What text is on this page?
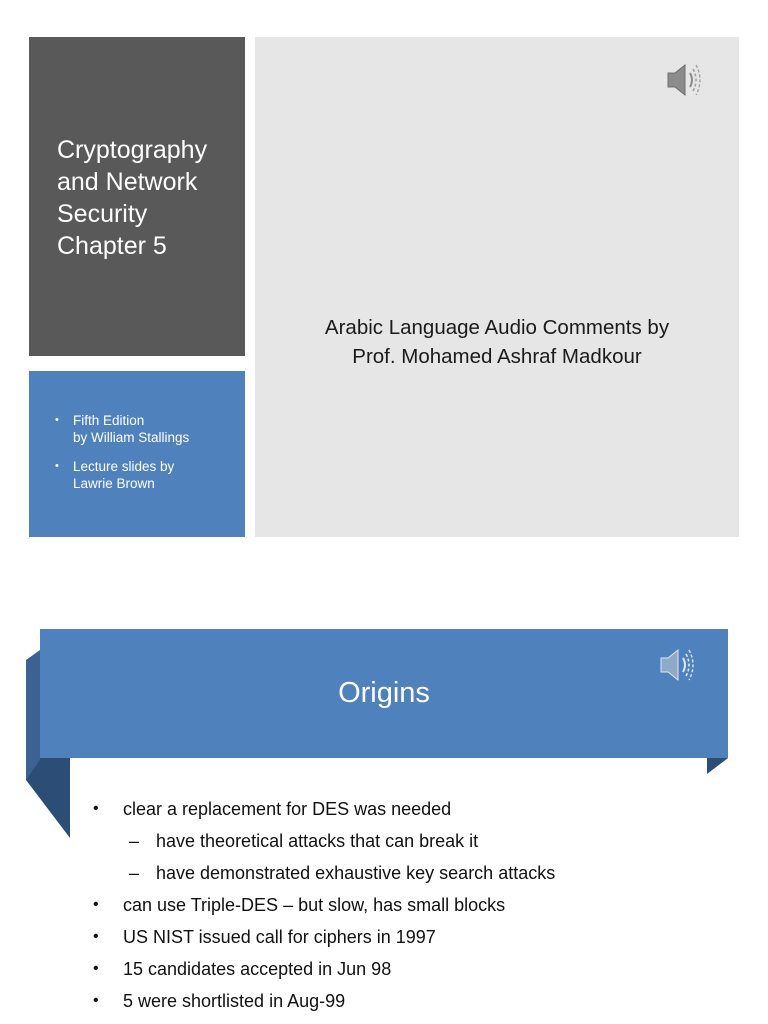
Cryptography
and Network
Security
Chapter 5
• Fifth Edition
by William Stallings
• Lecture slides by
Lawrie Brown
Arabic Language Audio Comments by
Prof. Mohamed Ashraf Madkour
Origins
• clear a replacement for DES was needed
– have theoretical attacks that can break it
– have demonstrated exhaustive key search attacks
• can use Triple-DES – but slow, has small blocks
• US NIST issued call for ciphers in 1997
• 15 candidates accepted in Jun 98
• 5 were shortlisted in Aug-99
